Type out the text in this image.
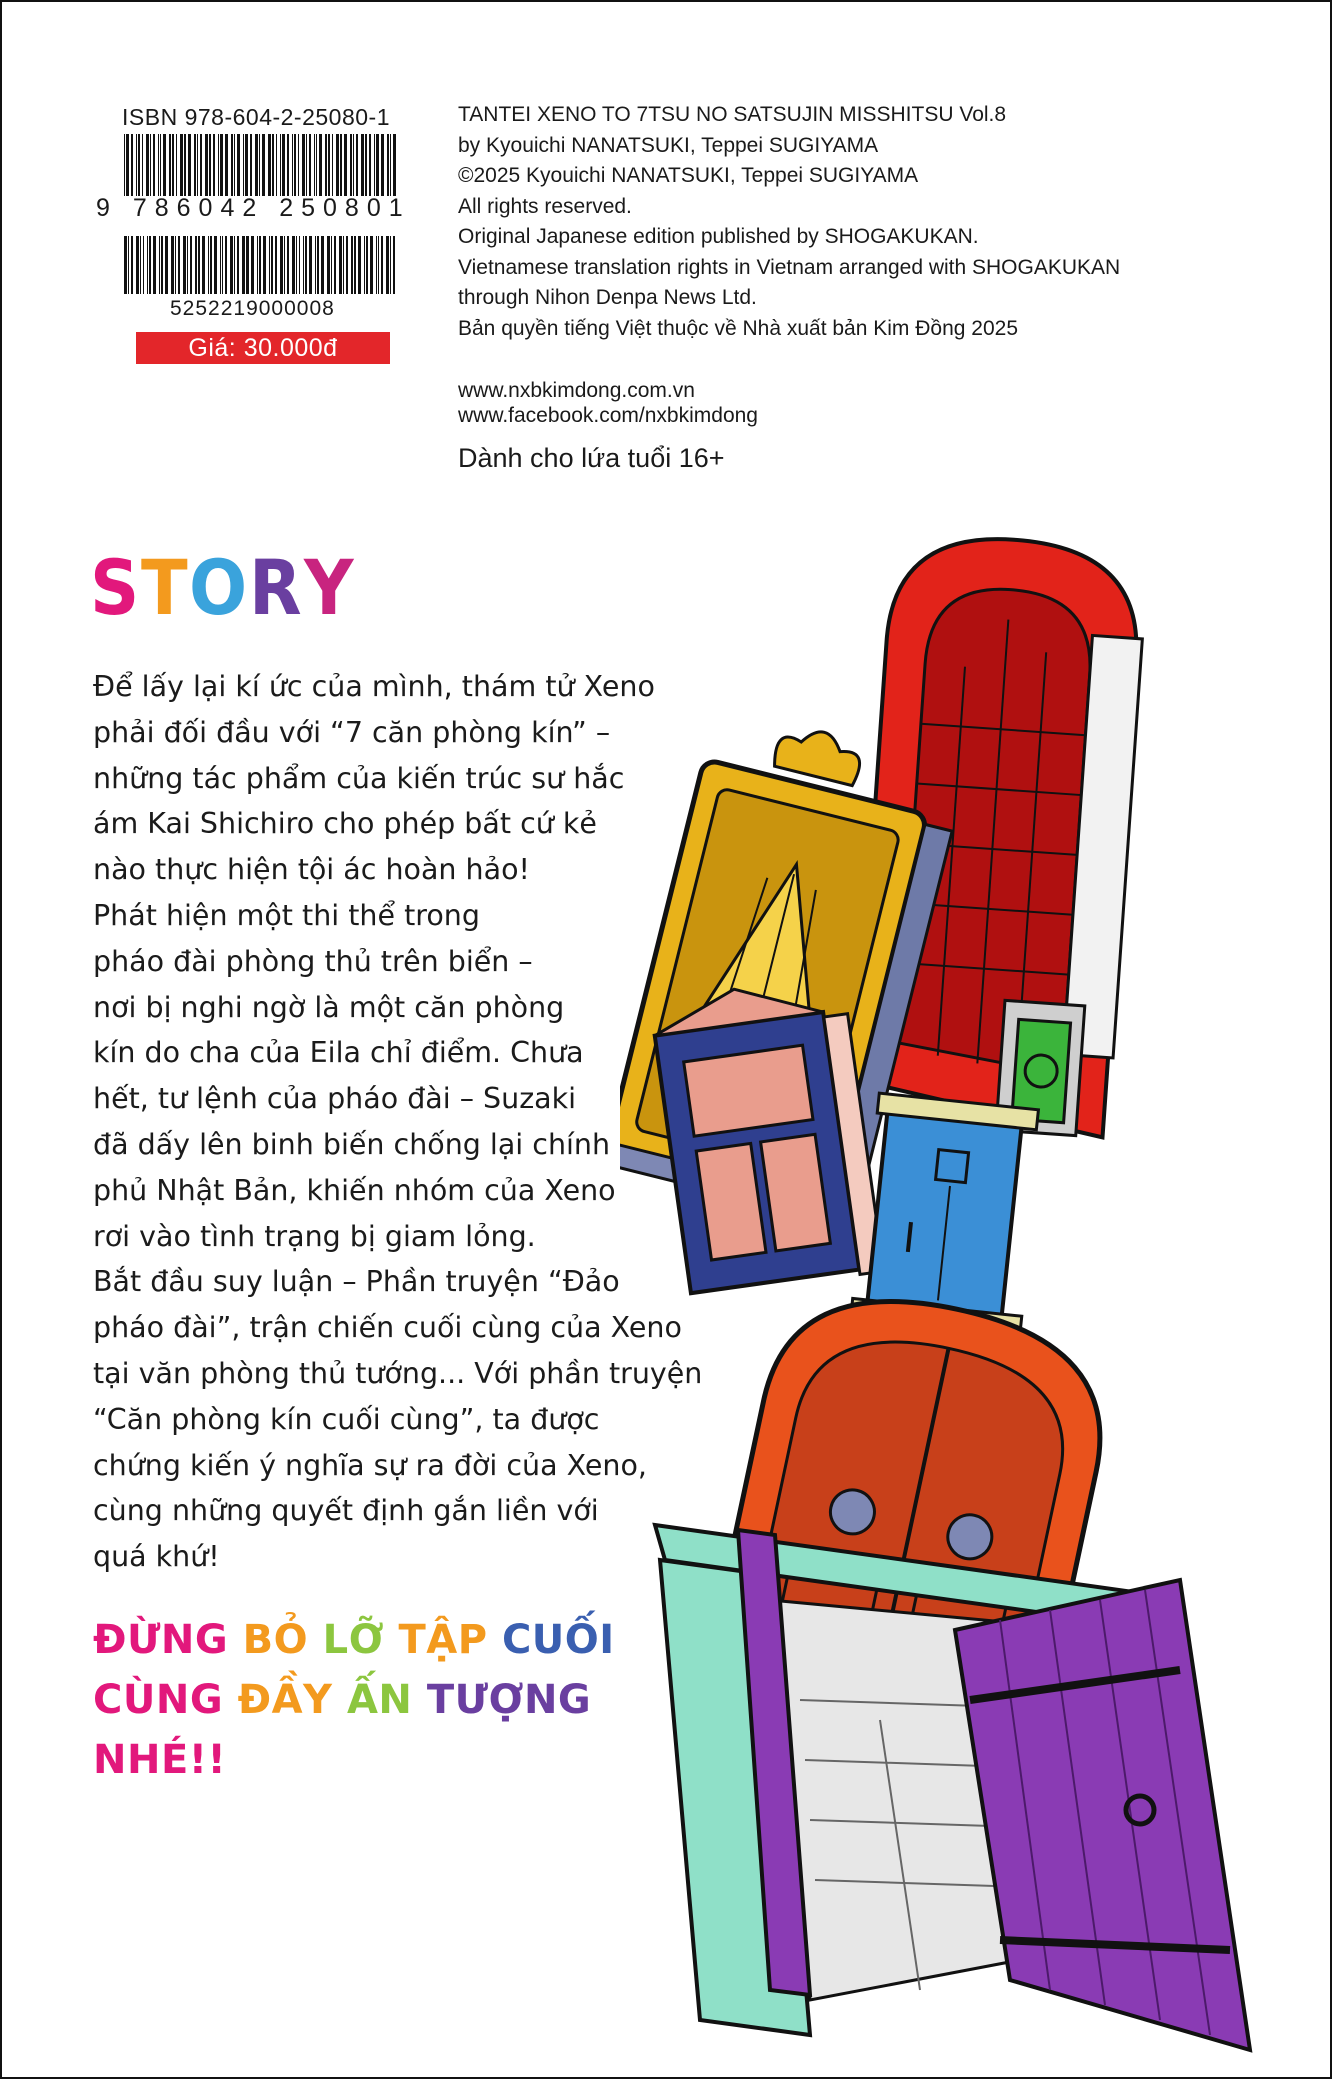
ISBN 978-604-2-25080-1
9 786042 250801
5252219000008
Giá: 30.000đ
TANTEI XENO TO 7TSU NO SATSUJIN MISSHITSU Vol.8
by Kyouichi NANATSUKI, Teppei SUGIYAMA
©2025 Kyouichi NANATSUKI, Teppei SUGIYAMA
All rights reserved.
Original Japanese edition published by SHOGAKUKAN.
Vietnamese translation rights in Vietnam arranged with SHOGAKUKAN
through Nihon Denpa News Ltd.
Bản quyền tiếng Việt thuộc về Nhà xuất bản Kim Đồng 2025
www.nxbkimdong.com.vn
www.facebook.com/nxbkimdong
Dành cho lứa tuổi 16+
STORY
Để lấy lại kí ức của mình, thám tử Xeno
phải đối đầu với “7 căn phòng kín” –
những tác phẩm của kiến trúc sư hắc
ám Kai Shichiro cho phép bất cứ kẻ
nào thực hiện tội ác hoàn hảo!
Phát hiện một thi thể trong
pháo đài phòng thủ trên biển –
nơi bị nghi ngờ là một căn phòng
kín do cha của Eila chỉ điểm. Chưa
hết, tư lệnh của pháo đài – Suzaki
đã dấy lên binh biến chống lại chính
phủ Nhật Bản, khiến nhóm của Xeno
rơi vào tình trạng bị giam lỏng.
Bắt đầu suy luận – Phần truyện “Đảo
pháo đài”, trận chiến cuối cùng của Xeno
tại văn phòng thủ tướng... Với phần truyện
“Căn phòng kín cuối cùng”, ta được
chứng kiến ý nghĩa sự ra đời của Xeno,
cùng những quyết định gắn liền với
quá khứ!
ĐỪNG BỎ LỠ TẬP CUỐI
CÙNG ĐẦY ẤN TƯỢNG
NHÉ!!
